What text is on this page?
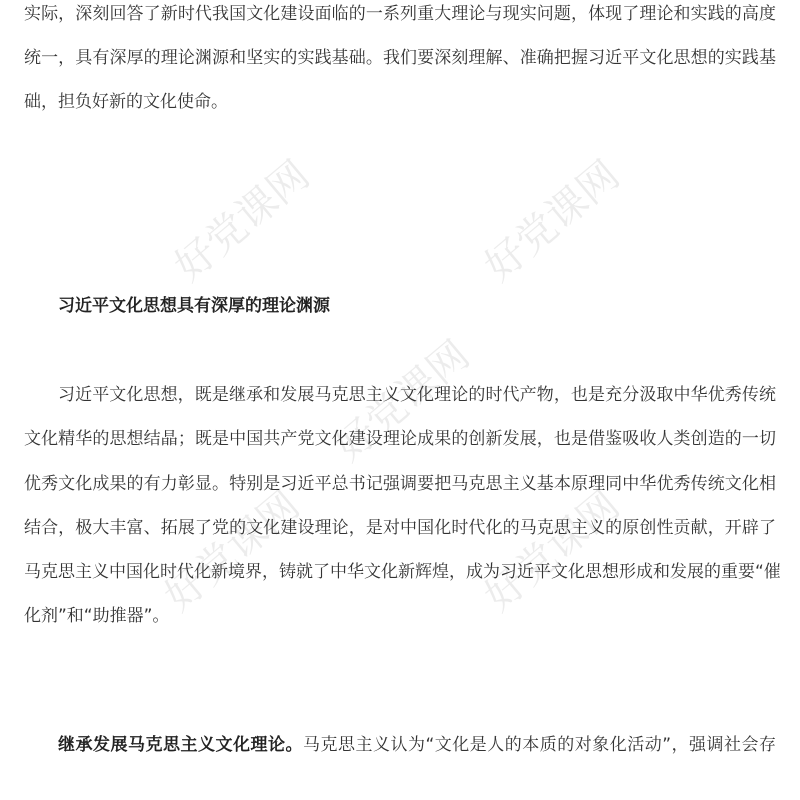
好党课网	好党课网
好党课网
好党课网	好党课网
实际，深刻回答了新时代我国文化建设面临的一系列重大理论与现实问题，体现了理论和实践的高度
统一，具有深厚的理论渊源和坚实的实践基础。我们要深刻理解、准确把握习近平文化思想的实践基
础，担负好新的文化使命。
习近平文化思想具有深厚的理论渊源
习近平文化思想，既是继承和发展马克思主义文化理论的时代产物，也是充分汲取中华优秀传统
文化精华的思想结晶；既是中国共产党文化建设理论成果的创新发展，也是借鉴吸收人类创造的一切
优秀文化成果的有力彰显。特别是习近平总书记强调要把马克思主义基本原理同中华优秀传统文化相
结合，极大丰富、拓展了党的文化建设理论，是对中国化时代化的马克思主义的原创性贡献，开辟了
马克思主义中国化时代化新境界，铸就了中华文化新辉煌，成为习近平文化思想形成和发展的重要“催
化剂”和“助推器”。
继承发展马克思主义文化理论。马克思主义认为“文化是人的本质的对象化活动”，强调社会存
